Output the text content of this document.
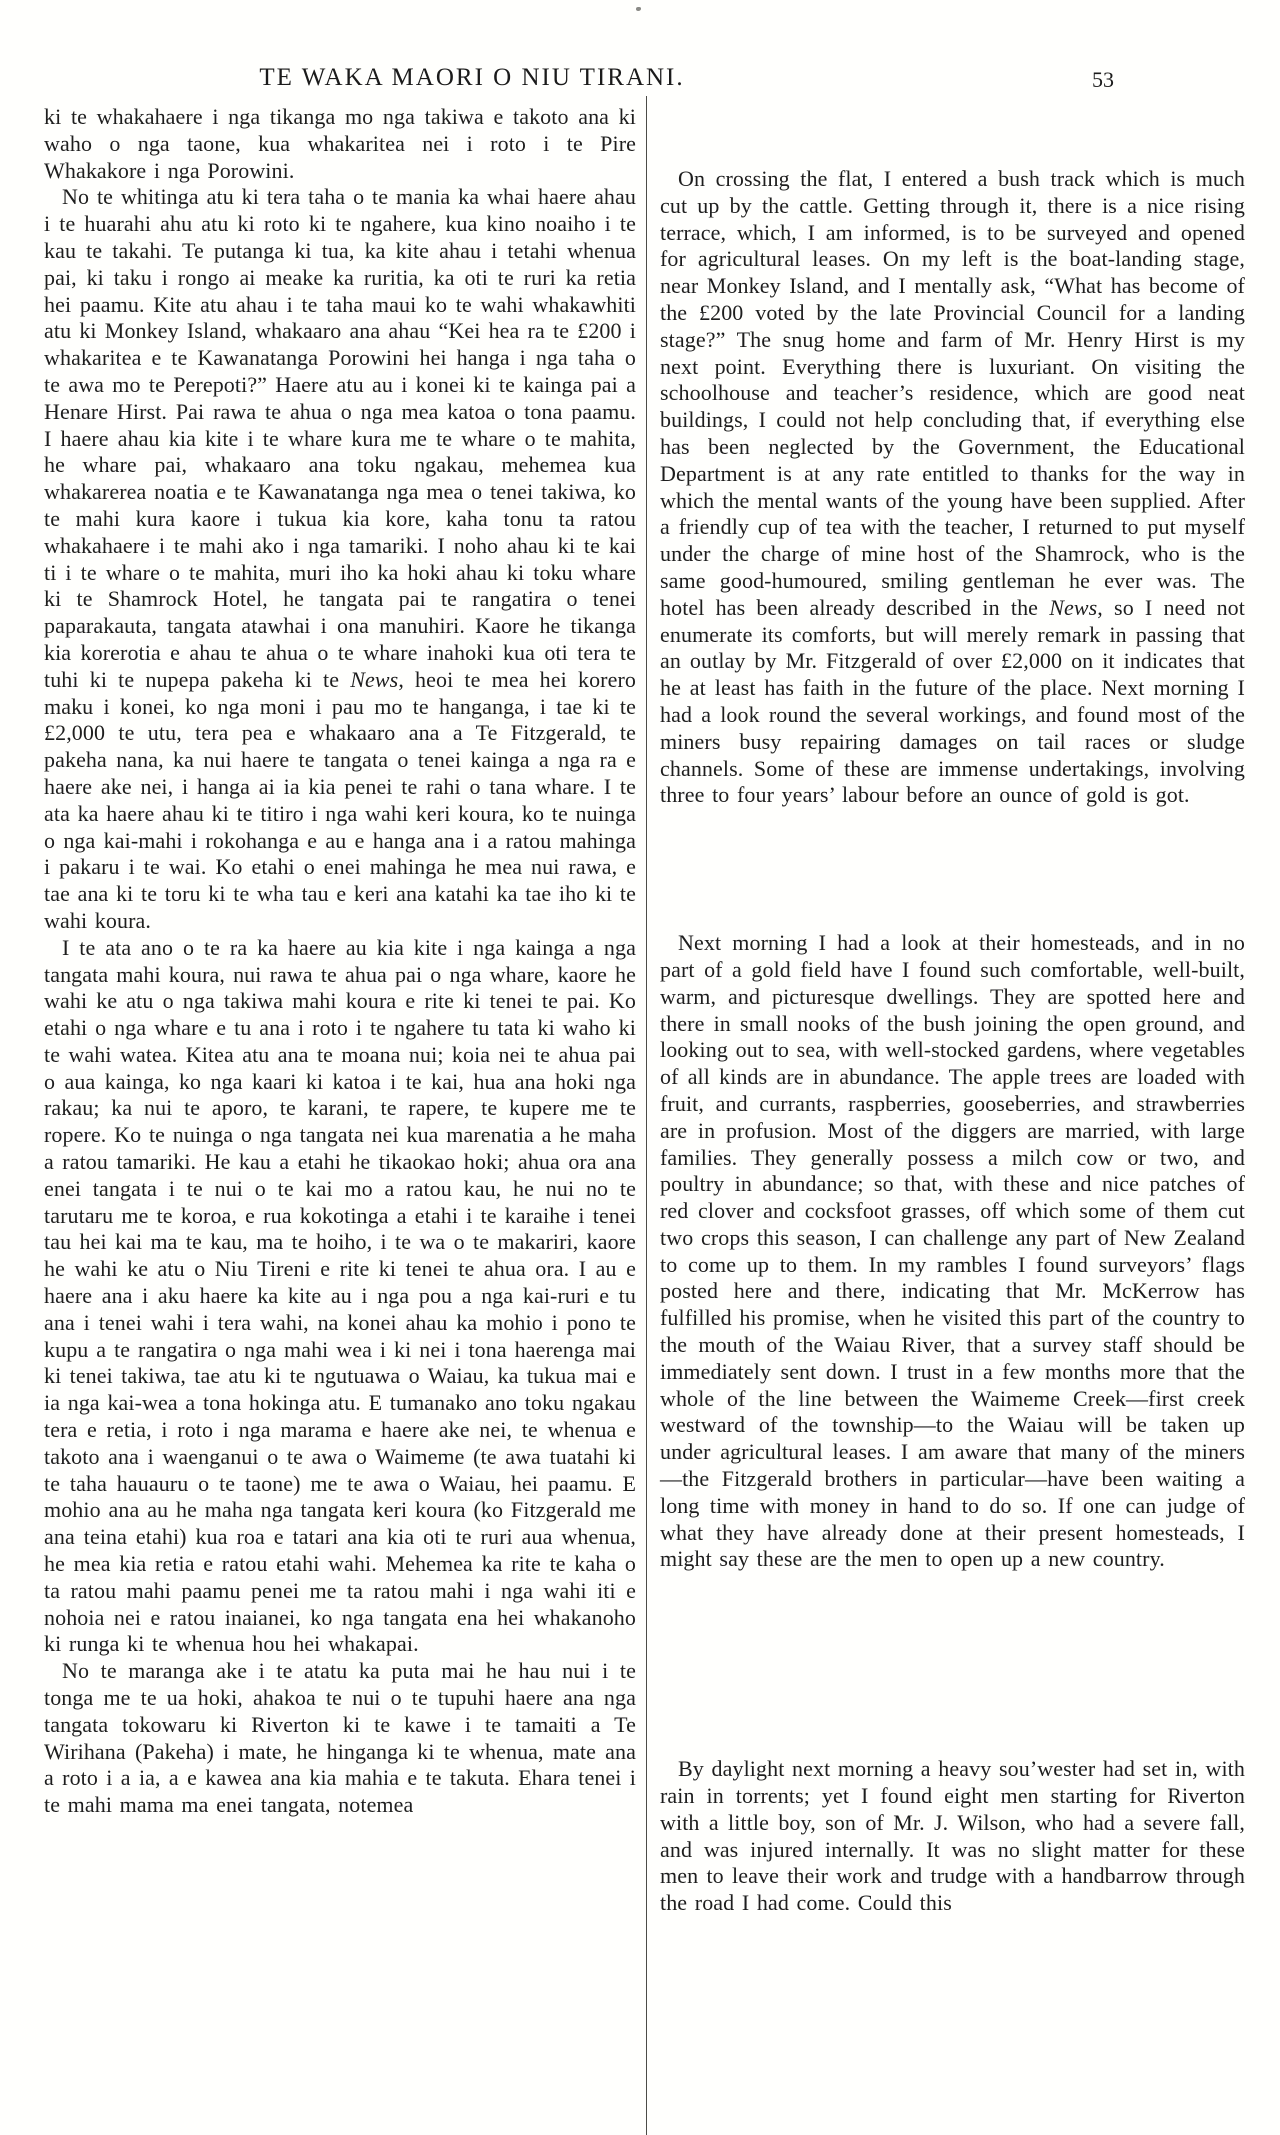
TE WAKA MAORI O NIU TIRANI.	53

ki te whakahaere i nga tikanga mo nga takiwa e takoto ana ki waho o nga taone, kua whakaritea nei i roto i te Pire Whakakore i nga Porowini.

No te whitinga atu ki tera taha o te mania ka whai haere ahau i te huarahi ahu atu ki roto ki te ngahere, kua kino noaiho i te kau te takahi. Te putanga ki tua, ka kite ahau i tetahi whenua pai, ki taku i rongo ai meake ka ruritia, ka oti te ruri ka retia hei paamu. Kite atu ahau i te taha maui ko te wahi whakawhiti atu ki Monkey Island, whakaaro ana ahau “Kei hea ra te £200 i whakaritea e te Kawanatanga Porowini hei hanga i nga taha o te awa mo te Perepoti?” Haere atu au i konei ki te kainga pai a Henare Hirst. Pai rawa te ahua o nga mea katoa o tona paamu. I haere ahau kia kite i te whare kura me te whare o te mahita, he whare pai, whakaaro ana toku ngakau, mehemea kua whakarerea noatia e te Kawanatanga nga mea o tenei takiwa, ko te mahi kura kaore i tukua kia kore, kaha tonu ta ratou whakahaere i te mahi ako i nga tamariki. I noho ahau ki te kai ti i te whare o te mahita, muri iho ka hoki ahau ki toku whare ki te Shamrock Hotel, he tangata pai te rangatira o tenei paparakauta, tangata atawhai i ona manuhiri. Kaore he tikanga kia korerotia e ahau te ahua o te whare inahoki kua oti tera te tuhi ki te nupepa pakeha ki te News, heoi te mea hei korero maku i konei, ko nga moni i pau mo te hanganga, i tae ki te £2,000 te utu, tera pea e whakaaro ana a Te Fitzgerald, te pakeha nana, ka nui haere te tangata o tenei kainga a nga ra e haere ake nei, i hanga ai ia kia penei te rahi o tana whare. I te ata ka haere ahau ki te titiro i nga wahi keri koura, ko te nuinga o nga kai-mahi i rokohanga e au e hanga ana i a ratou mahinga i pakaru i te wai. Ko etahi o enei mahinga he mea nui rawa, e tae ana ki te toru ki te wha tau e keri ana katahi ka tae iho ki te wahi koura.

I te ata ano o te ra ka haere au kia kite i nga kainga a nga tangata mahi koura, nui rawa te ahua pai o nga whare, kaore he wahi ke atu o nga takiwa mahi koura e rite ki tenei te pai. Ko etahi o nga whare e tu ana i roto i te ngahere tu tata ki waho ki te wahi watea. Kitea atu ana te moana nui; koia nei te ahua pai o aua kainga, ko nga kaari ki katoa i te kai, hua ana hoki nga rakau; ka nui te aporo, te karani, te rapere, te kupere me te ropere. Ko te nuinga o nga tangata nei kua marenatia a he maha a ratou tamariki. He kau a etahi he tikaokao hoki; ahua ora ana enei tangata i te nui o te kai mo a ratou kau, he nui no te tarutaru me te koroa, e rua kokotinga a etahi i te karaihe i tenei tau hei kai ma te kau, ma te hoiho, i te wa o te makariri, kaore he wahi ke atu o Niu Tireni e rite ki tenei te ahua ora. I au e haere ana i aku haere ka kite au i nga pou a nga kai-ruri e tu ana i tenei wahi i tera wahi, na konei ahau ka mohio i pono te kupu a te rangatira o nga mahi wea i ki nei i tona haerenga mai ki tenei takiwa, tae atu ki te ngutuawa o Waiau, ka tukua mai e ia nga kai-wea a tona hokinga atu. E tumanako ano toku ngakau tera e retia, i roto i nga marama e haere ake nei, te whenua e takoto ana i waenganui o te awa o Waimeme (te awa tuatahi ki te taha hauauru o te taone) me te awa o Waiau, hei paamu. E mohio ana au he maha nga tangata keri koura (ko Fitzgerald me ana teina etahi) kua roa e tatari ana kia oti te ruri aua whenua, he mea kia retia e ratou etahi wahi. Mehemea ka rite te kaha o ta ratou mahi paamu penei me ta ratou mahi i nga wahi iti e nohoia nei e ratou inaianei, ko nga tangata ena hei whakanoho ki runga ki te whenua hou hei whakapai.

No te maranga ake i te atatu ka puta mai he hau nui i te tonga me te ua hoki, ahakoa te nui o te tupuhi haere ana nga tangata tokowaru ki Riverton ki te kawe i te tamaiti a Te Wirihana (Pakeha) i mate, he hinganga ki te whenua, mate ana a roto i a ia, a e kawea ana kia mahia e te takuta. Ehara tenei i te mahi mama ma enei tangata, notemea

On crossing the flat, I entered a bush track which is much cut up by the cattle. Getting through it, there is a nice rising terrace, which, I am informed, is to be surveyed and opened for agricultural leases. On my left is the boat-landing stage, near Monkey Island, and I mentally ask, “What has become of the £200 voted by the late Provincial Council for a landing stage?” The snug home and farm of Mr. Henry Hirst is my next point. Everything there is luxuriant. On visiting the schoolhouse and teacher’s residence, which are good neat buildings, I could not help concluding that, if everything else has been neglected by the Government, the Educational Department is at any rate entitled to thanks for the way in which the mental wants of the young have been supplied. After a friendly cup of tea with the teacher, I returned to put myself under the charge of mine host of the Shamrock, who is the same good-humoured, smiling gentleman he ever was. The hotel has been already described in the News, so I need not enumerate its comforts, but will merely remark in passing that an outlay by Mr. Fitzgerald of over £2,000 on it indicates that he at least has faith in the future of the place. Next morning I had a look round the several workings, and found most of the miners busy repairing damages on tail races or sludge channels. Some of these are immense undertakings, involving three to four years’ labour before an ounce of gold is got.

Next morning I had a look at their homesteads, and in no part of a gold field have I found such comfortable, well-built, warm, and picturesque dwellings. They are spotted here and there in small nooks of the bush joining the open ground, and looking out to sea, with well-stocked gardens, where vegetables of all kinds are in abundance. The apple trees are loaded with fruit, and currants, raspberries, gooseberries, and strawberries are in profusion. Most of the diggers are married, with large families. They generally possess a milch cow or two, and poultry in abundance; so that, with these and nice patches of red clover and cocksfoot grasses, off which some of them cut two crops this season, I can challenge any part of New Zealand to come up to them. In my rambles I found surveyors’ flags posted here and there, indicating that Mr. McKerrow has fulfilled his promise, when he visited this part of the country to the mouth of the Waiau River, that a survey staff should be immediately sent down. I trust in a few months more that the whole of the line between the Waimeme Creek—first creek westward of the township—to the Waiau will be taken up under agricultural leases. I am aware that many of the miners—the Fitzgerald brothers in particular—have been waiting a long time with money in hand to do so. If one can judge of what they have already done at their present homesteads, I might say these are the men to open up a new country.

By daylight next morning a heavy sou’wester had set in, with rain in torrents; yet I found eight men starting for Riverton with a little boy, son of Mr. J. Wilson, who had a severe fall, and was injured internally. It was no slight matter for these men to leave their work and trudge with a handbarrow through the road I had come. Could this
